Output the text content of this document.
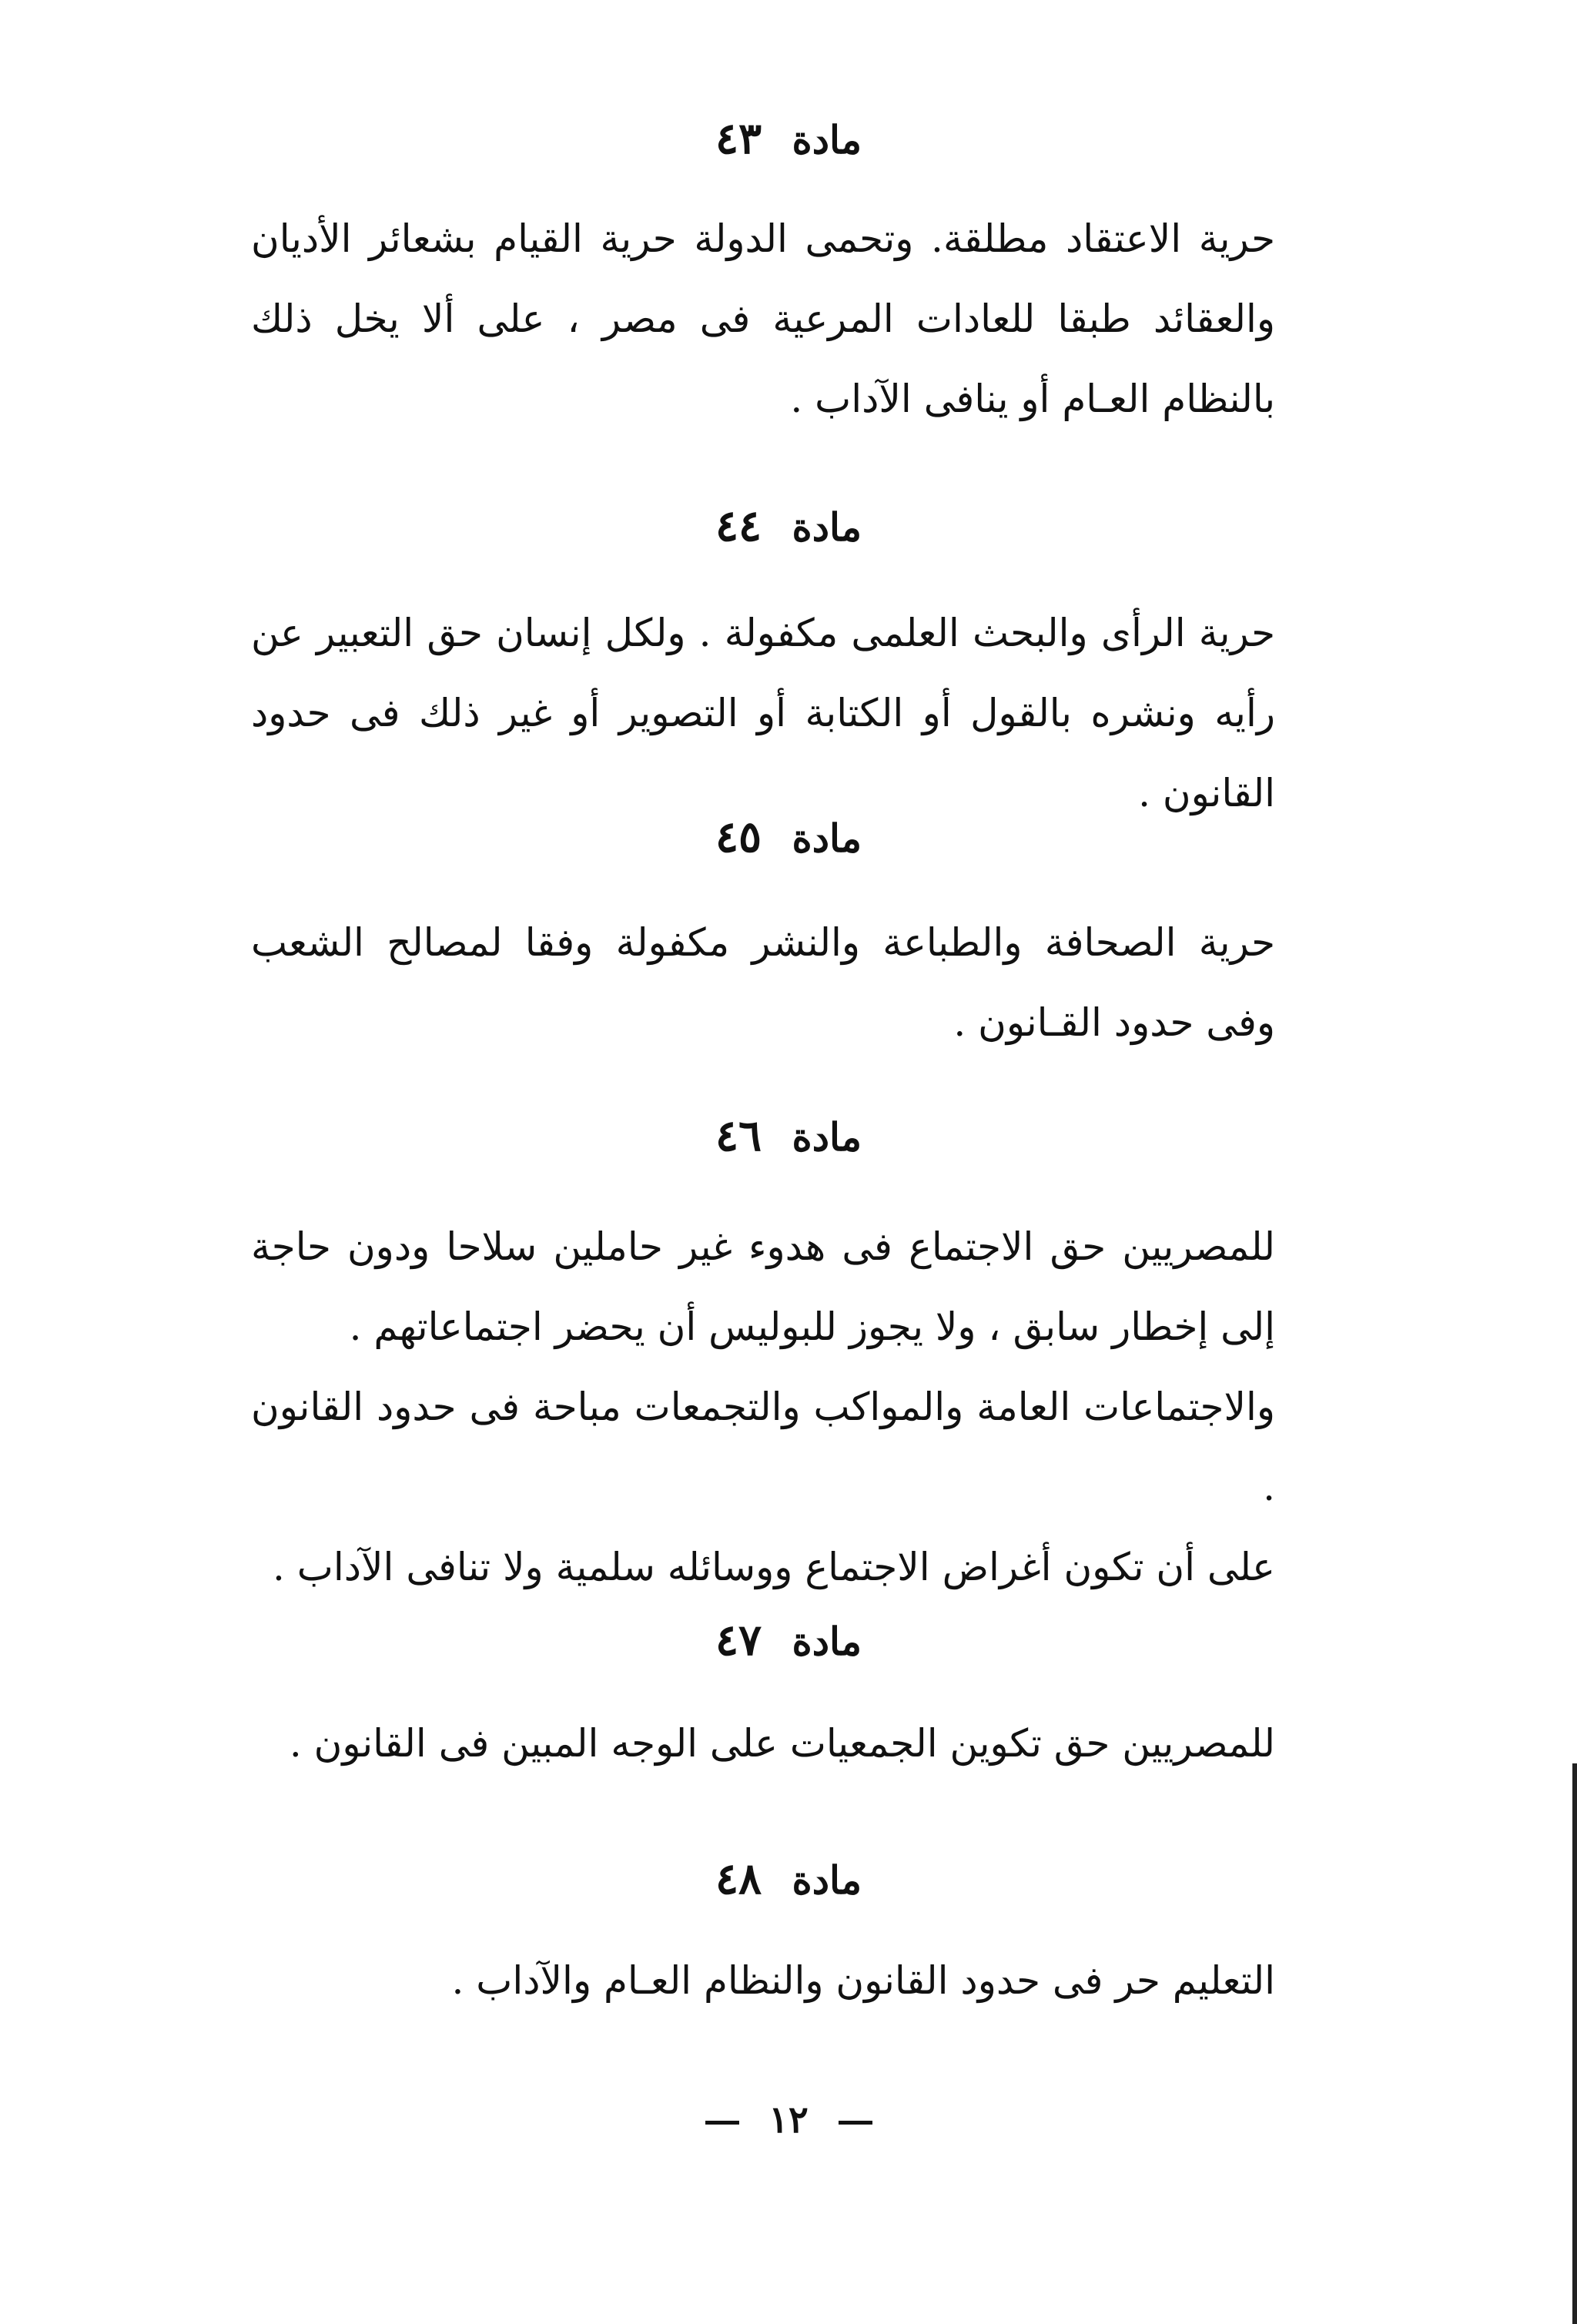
مادة ٤٣

حرية الاعتقاد مطلقة. وتحمى الدولة حرية القيام بشعائر الأديان والعقائد طبقا للعادات المرعية فى مصر ، على ألا يخل ذلك بالنظام العـام أو ينافى الآداب .

مادة ٤٤

حرية الرأى والبحث العلمى مكفولة . ولكل إنسان حق التعبير عن رأيه ونشره بالقول أو الكتابة أو التصوير أو غير ذلك فى حدود القانون .

مادة ٤٥

حرية الصحافة والطباعة والنشر مكفولة وفقا لمصالح الشعب وفى حدود القـانون .

مادة ٤٦

للمصريين حق الاجتماع فى هدوء غير حاملين سلاحا ودون حاجة إلى إخطار سابق ، ولا يجوز للبوليس أن يحضر اجتماعاتهم .

والاجتماعات العامة والمواكب والتجمعات مباحة فى حدود القانون .

على أن تكون أغراض الاجتماع ووسائله سلمية ولا تنافى الآداب .

مادة ٤٧

للمصريين حق تكوين الجمعيات على الوجه المبين فى القانون .

مادة ٤٨

التعليم حر فى حدود القانون والنظام العـام والآداب .

١٢
